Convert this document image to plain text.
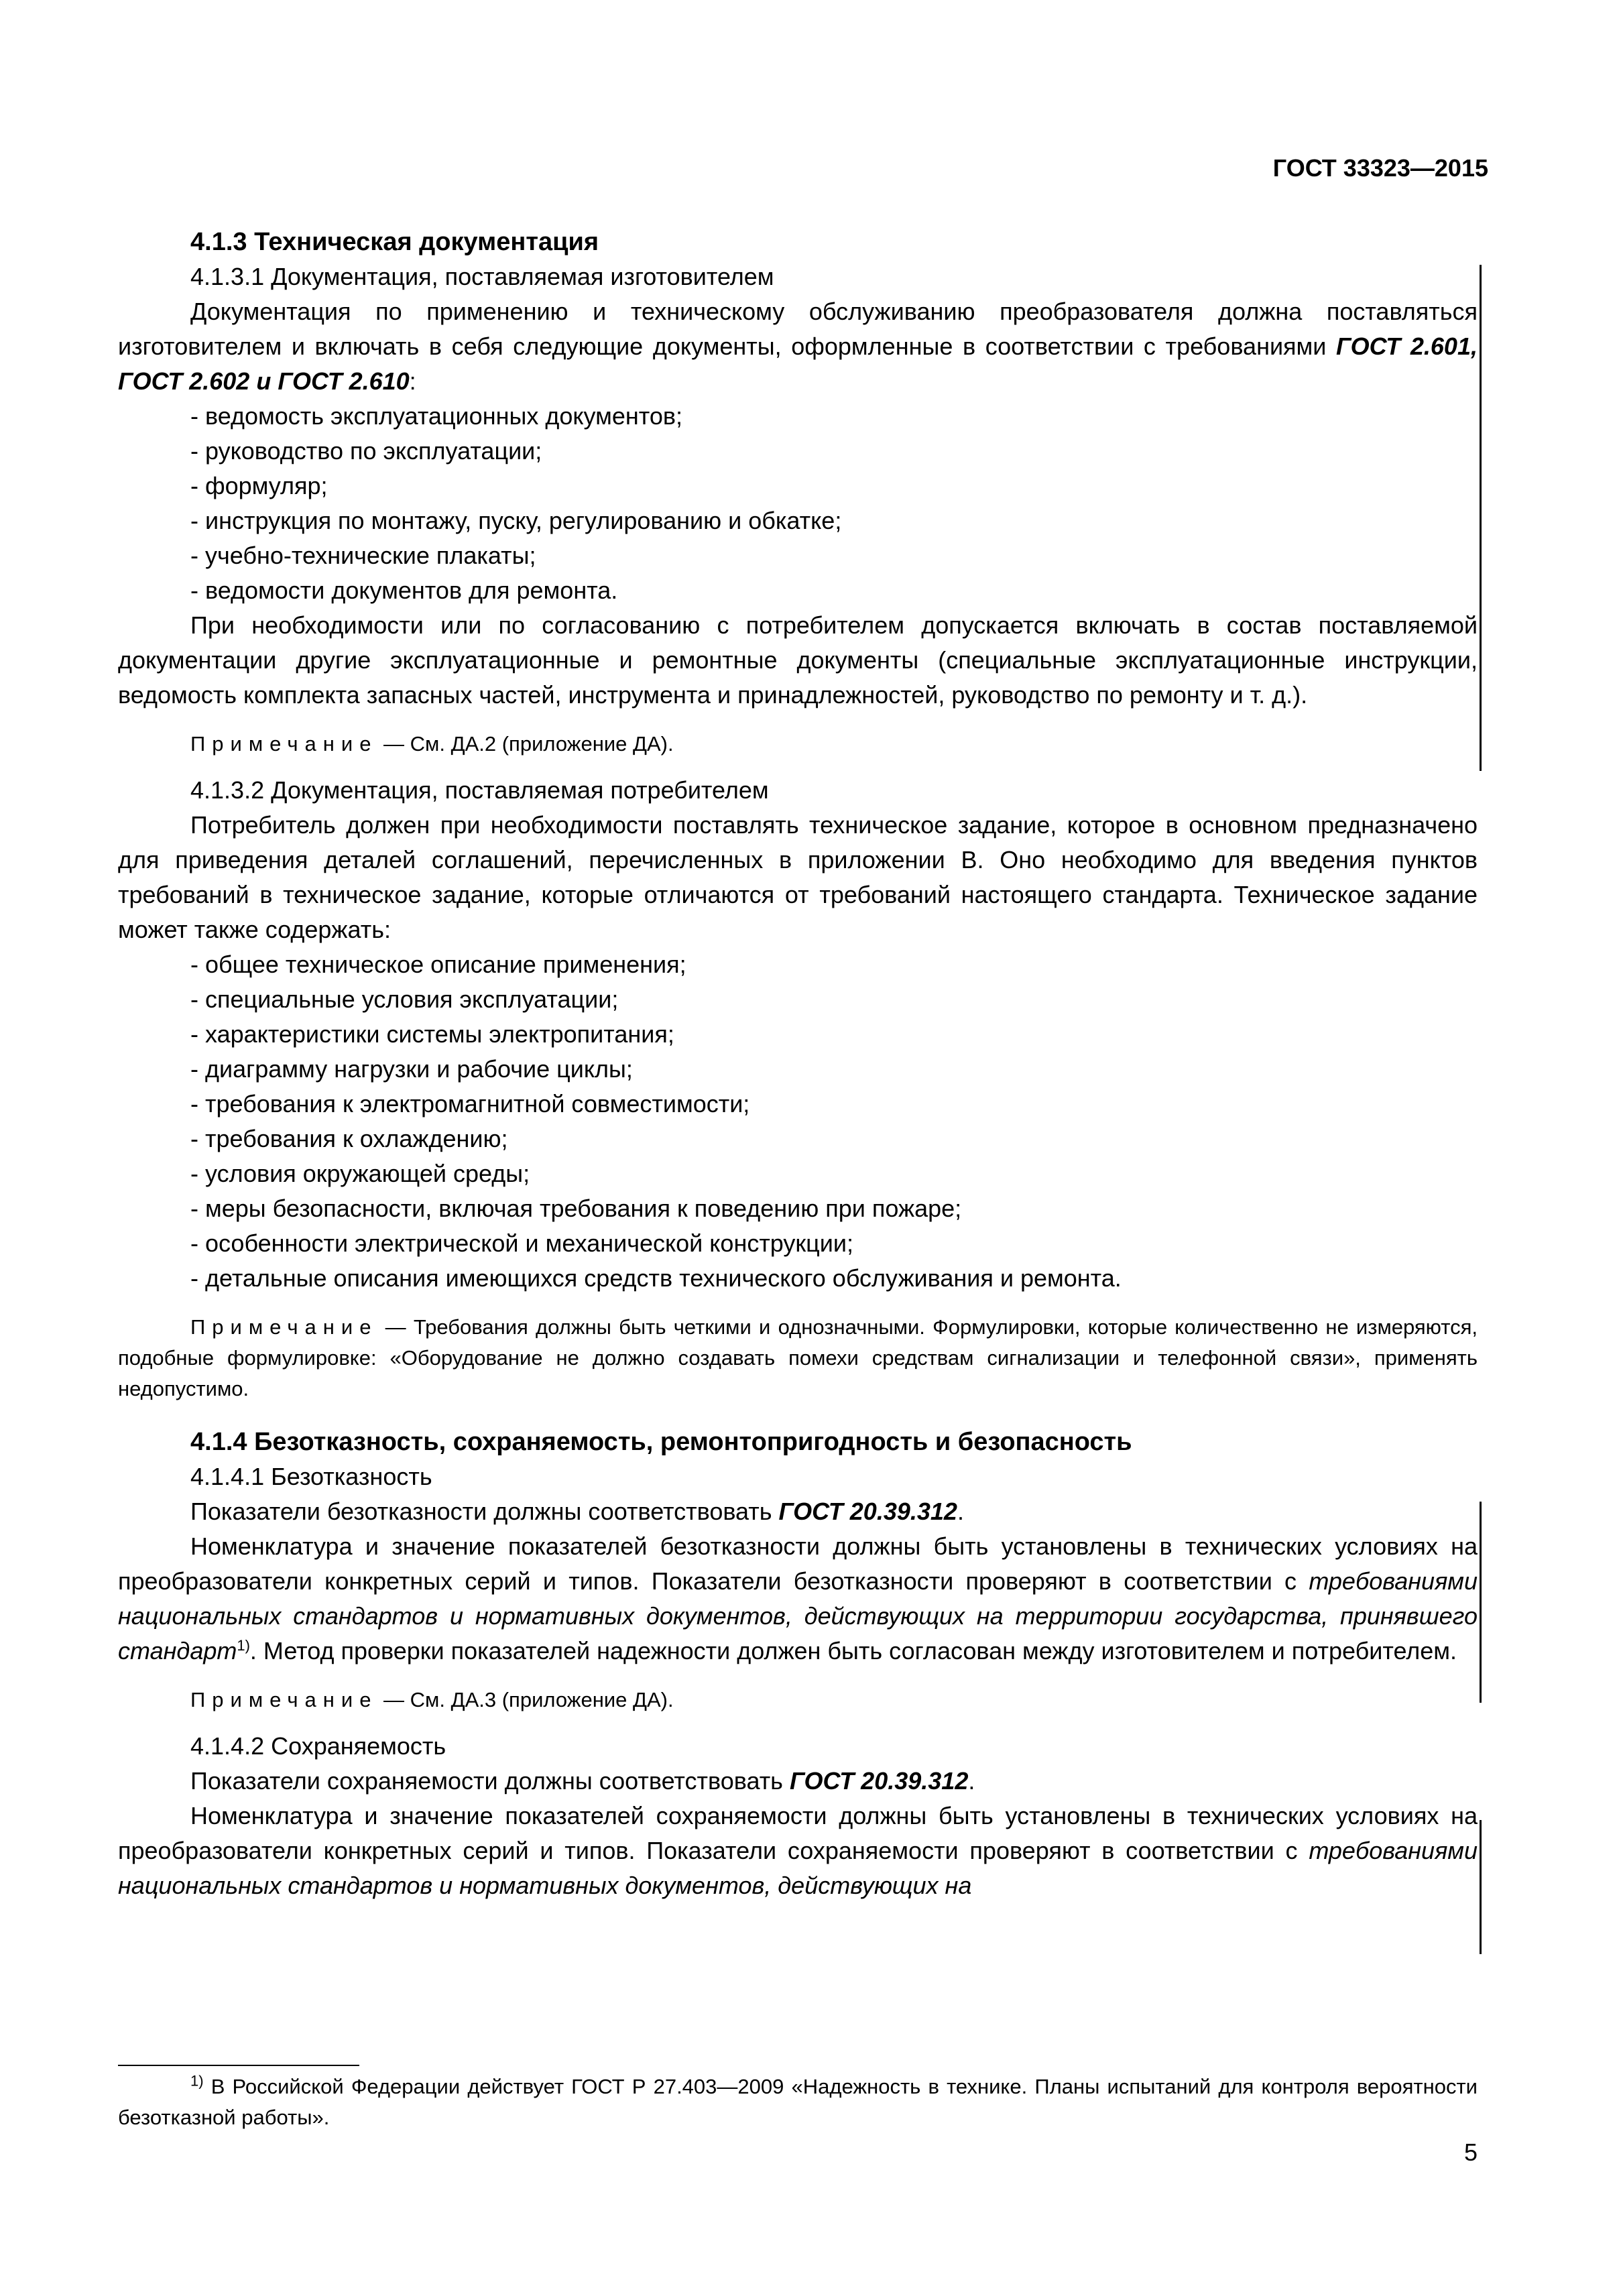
ГОСТ 33323—2015
4.1.3 Техническая документация
4.1.3.1 Документация, поставляемая изготовителем

Документация по применению и техническому обслуживанию преобразователя должна поставляться изготовителем и включать в себя следующие документы, оформленные в соответствии с требованиями ГОСТ 2.601, ГОСТ 2.602 и ГОСТ 2.610:

- ведомость эксплуатационных документов;
- руководство по эксплуатации;
- формуляр;
- инструкция по монтажу, пуску, регулированию и обкатке;
- учебно-технические плакаты;
- ведомости документов для ремонта.

При необходимости или по согласованию с потребителем допускается включать в состав поставляемой документации другие эксплуатационные и ремонтные документы (специальные эксплуатационные инструкции, ведомость комплекта запасных частей, инструмента и принадлежностей, руководство по ремонту и т. д.).

Примечание — См. ДА.2 (приложение ДА).
4.1.3.2 Документация, поставляемая потребителем

Потребитель должен при необходимости поставлять техническое задание, которое в основном предназначено для приведения деталей соглашений, перечисленных в приложении В. Оно необходимо для введения пунктов требований в техническое задание, которые отличаются от требований настоящего стандарта. Техническое задание может также содержать:

- общее техническое описание применения;
- специальные условия эксплуатации;
- характеристики системы электропитания;
- диаграмму нагрузки и рабочие циклы;
- требования к электромагнитной совместимости;
- требования к охлаждению;
- условия окружающей среды;
- меры безопасности, включая требования к поведению при пожаре;
- особенности электрической и механической конструкции;
- детальные описания имеющихся средств технического обслуживания и ремонта.
Примечание — Требования должны быть четкими и однозначными. Формулировки, которые количественно не измеряются, подобные формулировке: «Оборудование не должно создавать помехи средствам сигнализации и телефонной связи», применять недопустимо.
4.1.4 Безотказность, сохраняемость, ремонтопригодность и безопасность
4.1.4.1 Безотказность

Показатели безотказности должны соответствовать ГОСТ 20.39.312.

Номенклатура и значение показателей безотказности должны быть установлены в технических условиях на преобразователи конкретных серий и типов. Показатели безотказности проверяют в соответствии с требованиями национальных стандартов и нормативных документов, действующих на территории государства, принявшего стандарт$^{1)}$. Метод проверки показателей надежности должен быть согласован между изготовителем и потребителем.

Примечание — См. ДА.3 (приложение ДА).
4.1.4.2 Сохраняемость

Показатели сохраняемости должны соответствовать ГОСТ 20.39.312.

Номенклатура и значение показателей сохраняемости должны быть установлены в технических условиях на преобразователи конкретных серий и типов. Показатели сохраняемости проверяют в соответствии с требованиями национальных стандартов и нормативных документов, действующих на

$^{1)}$ В Российской Федерации действует ГОСТ Р 27.403—2009 «Надежность в технике. Планы испытаний для контроля вероятности безотказной работы».
5
